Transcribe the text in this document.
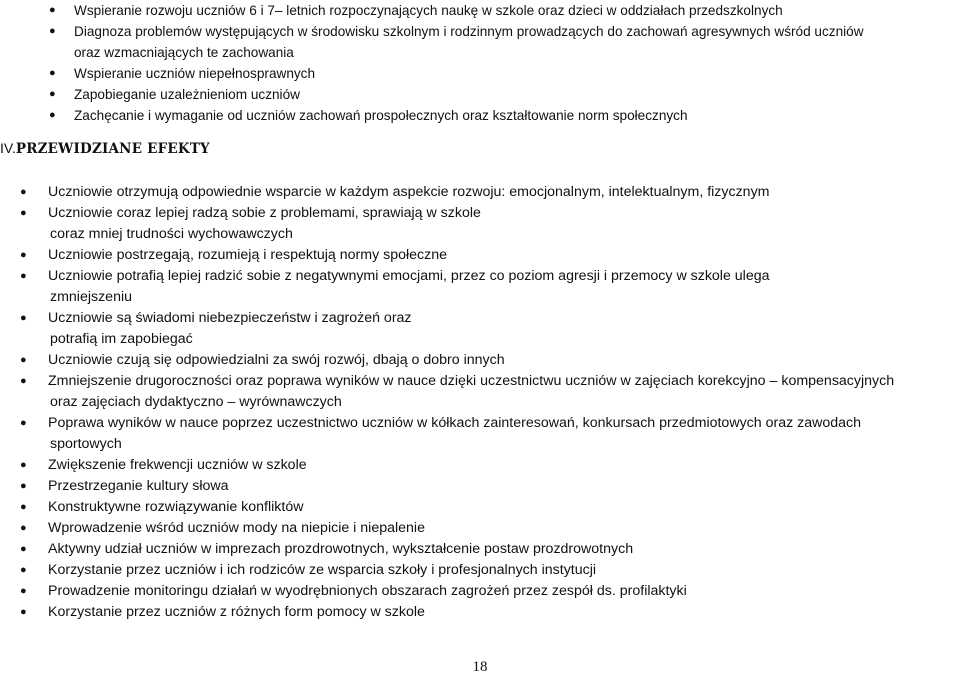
● Wspieranie rozwoju uczniów 6 i 7– letnich rozpoczynających naukę w szkole oraz dzieci w oddziałach przedszkolnych
● Diagnoza problemów występujących w środowisku szkolnym i rodzinnym prowadzących do zachowań agresywnych wśród uczniów
oraz wzmacniających te zachowania
● Wspieranie uczniów niepełnosprawnych
● Zapobieganie uzależnieniom uczniów
● Zachęcanie i wymaganie od uczniów zachowań prospołecznych oraz kształtowanie norm społecznych
IV.PRZEWIDZIANE EFEKTY
● Uczniowie otrzymują odpowiednie wsparcie w każdym aspekcie rozwoju: emocjonalnym, intelektualnym, fizycznym
● Uczniowie coraz lepiej radzą sobie z problemami, sprawiają w szkole
coraz mniej trudności wychowawczych
● Uczniowie postrzegają, rozumieją i respektują normy społeczne
● Uczniowie potrafią lepiej radzić sobie z negatywnymi emocjami, przez co poziom agresji i przemocy w szkole ulega
zmniejszeniu
● Uczniowie są świadomi niebezpieczeństw i zagrożeń oraz
potrafią im zapobiegać
● Uczniowie czują się odpowiedzialni za swój rozwój, dbają o dobro innych
● Zmniejszenie drugoroczności oraz poprawa wyników w nauce dzięki uczestnictwu uczniów w zajęciach korekcyjno – kompensacyjnych
oraz zajęciach dydaktyczno – wyrównawczych
● Poprawa wyników w nauce poprzez uczestnictwo uczniów w kółkach zainteresowań, konkursach przedmiotowych oraz zawodach
sportowych
● Zwiększenie frekwencji uczniów w szkole
● Przestrzeganie kultury słowa
● Konstruktywne rozwiązywanie konfliktów
● Wprowadzenie wśród uczniów mody na niepicie i niepalenie
● Aktywny udział uczniów w imprezach prozdrowotnych, wykształcenie postaw prozdrowotnych
● Korzystanie przez uczniów i ich rodziców ze wsparcia szkoły i profesjonalnych instytucji
● Prowadzenie monitoringu działań w wyodrębnionych obszarach zagrożeń przez zespół ds. profilaktyki
● Korzystanie przez uczniów z różnych form pomocy w szkole
18
